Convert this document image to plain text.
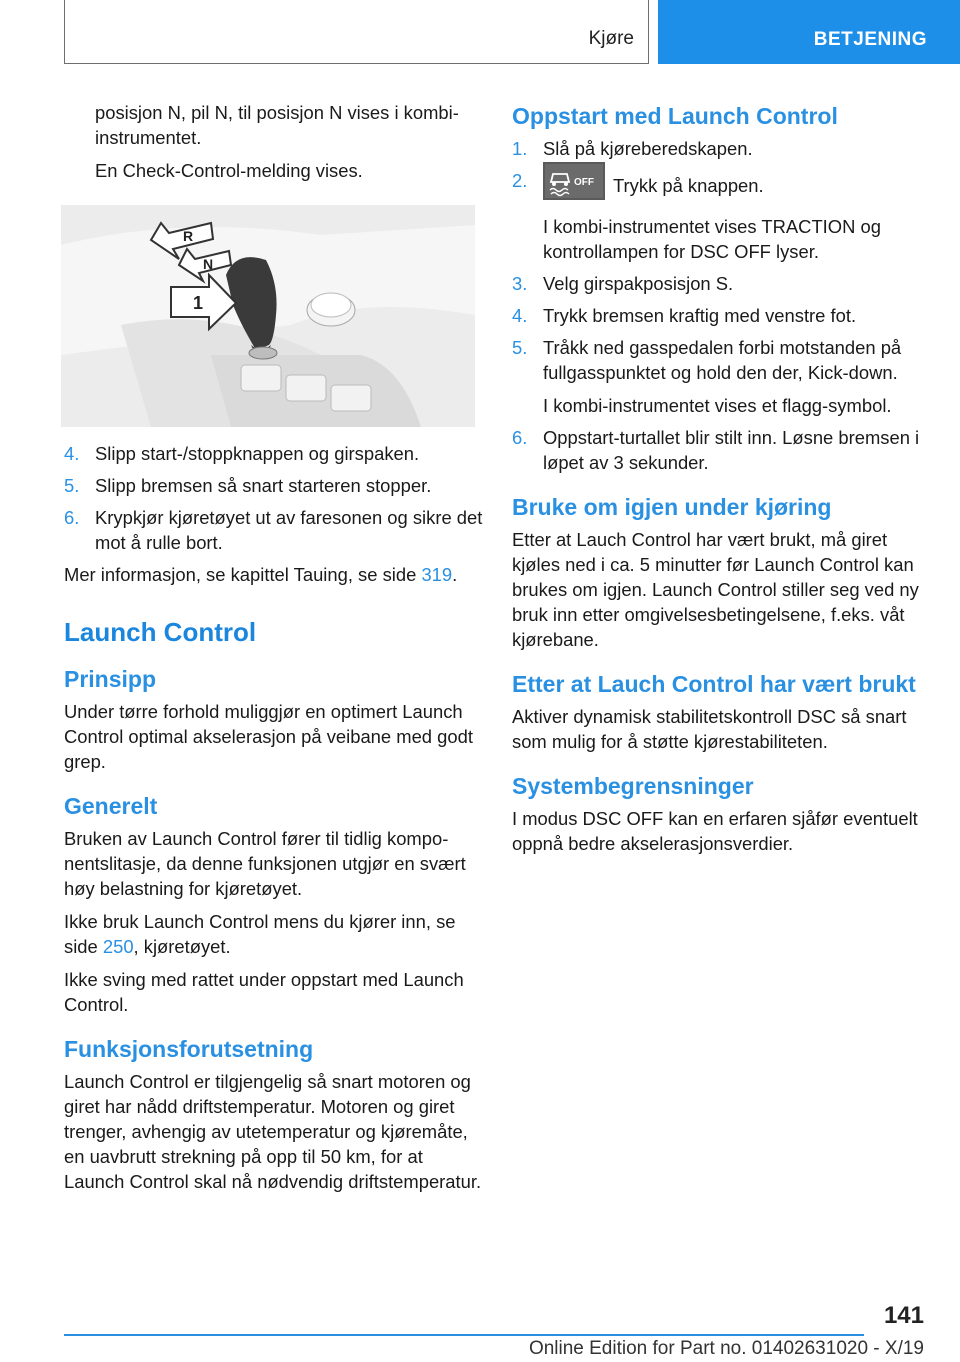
Kjøre	BETJENING

posisjon N, pil N, til posisjon N vises i kombiinstrumentet.

En Check-Control-melding vises.

R
N
1
4. Slipp start-/stoppknappen og girspaken.
5. Slipp bremsen så snart starteren stopper.
6. Krypkjør kjøretøyet ut av faresonen og sikre det mot å rulle bort.

Mer informasjon, se kapittel Tauing, se side 319.

Launch Control
Prinsipp

Under tørre forhold muliggjør en optimert Launch Control optimal akselerasjon på veibane med godt grep.

Generelt

Bruken av Launch Control fører til tidlig komponentslitasje, da denne funksjonen utgjør en svært høy belastning for kjøretøyet.

Ikke bruk Launch Control mens du kjører inn, se side 250, kjøretøyet.

Ikke sving med rattet under oppstart med Launch Control.

Funksjonsforutsetning

Launch Control er tilgjengelig så snart motoren og giret har nådd driftstemperatur. Motoren og giret trenger, avhengig av utetemperatur og kjøremåte, en uavbrutt strekning på opp til 50 km, for at Launch Control skal nå nødvendig driftstemperatur.

Oppstart med Launch Control
1. Slå på kjøreberedskapen.
2.	OFF Trykk på knappen.
I kombi-instrumentet vises TRACTION og kontrollampen for DSC OFF lyser.
3. Velg girspakposisjon S.
4. Trykk bremsen kraftig med venstre fot.
5. Tråkk ned gasspedalen forbi motstanden på fullgasspunktet og hold den der, Kick-down.
I kombi-instrumentet vises et flagg-symbol.
6. Oppstart-turtallet blir stilt inn. Løsne bremsen i løpet av 3 sekunder.
Bruke om igjen under kjøring

Etter at Lauch Control har vært brukt, må giret kjøles ned i ca. 5 minutter før Launch Control kan brukes om igjen. Launch Control stiller seg ved ny bruk inn etter omgivelsesbetingelsene, f.eks. våt kjørebane.

Etter at Lauch Control har vært brukt

Aktiver dynamisk stabilitetskontroll DSC så snart som mulig for å støtte kjørestabiliteten.

Systembegrensninger

I modus DSC OFF kan en erfaren sjåfør eventuelt oppnå bedre akselerasjonsverdier.

141
Online Edition for Part no. 01402631020 - X/19
